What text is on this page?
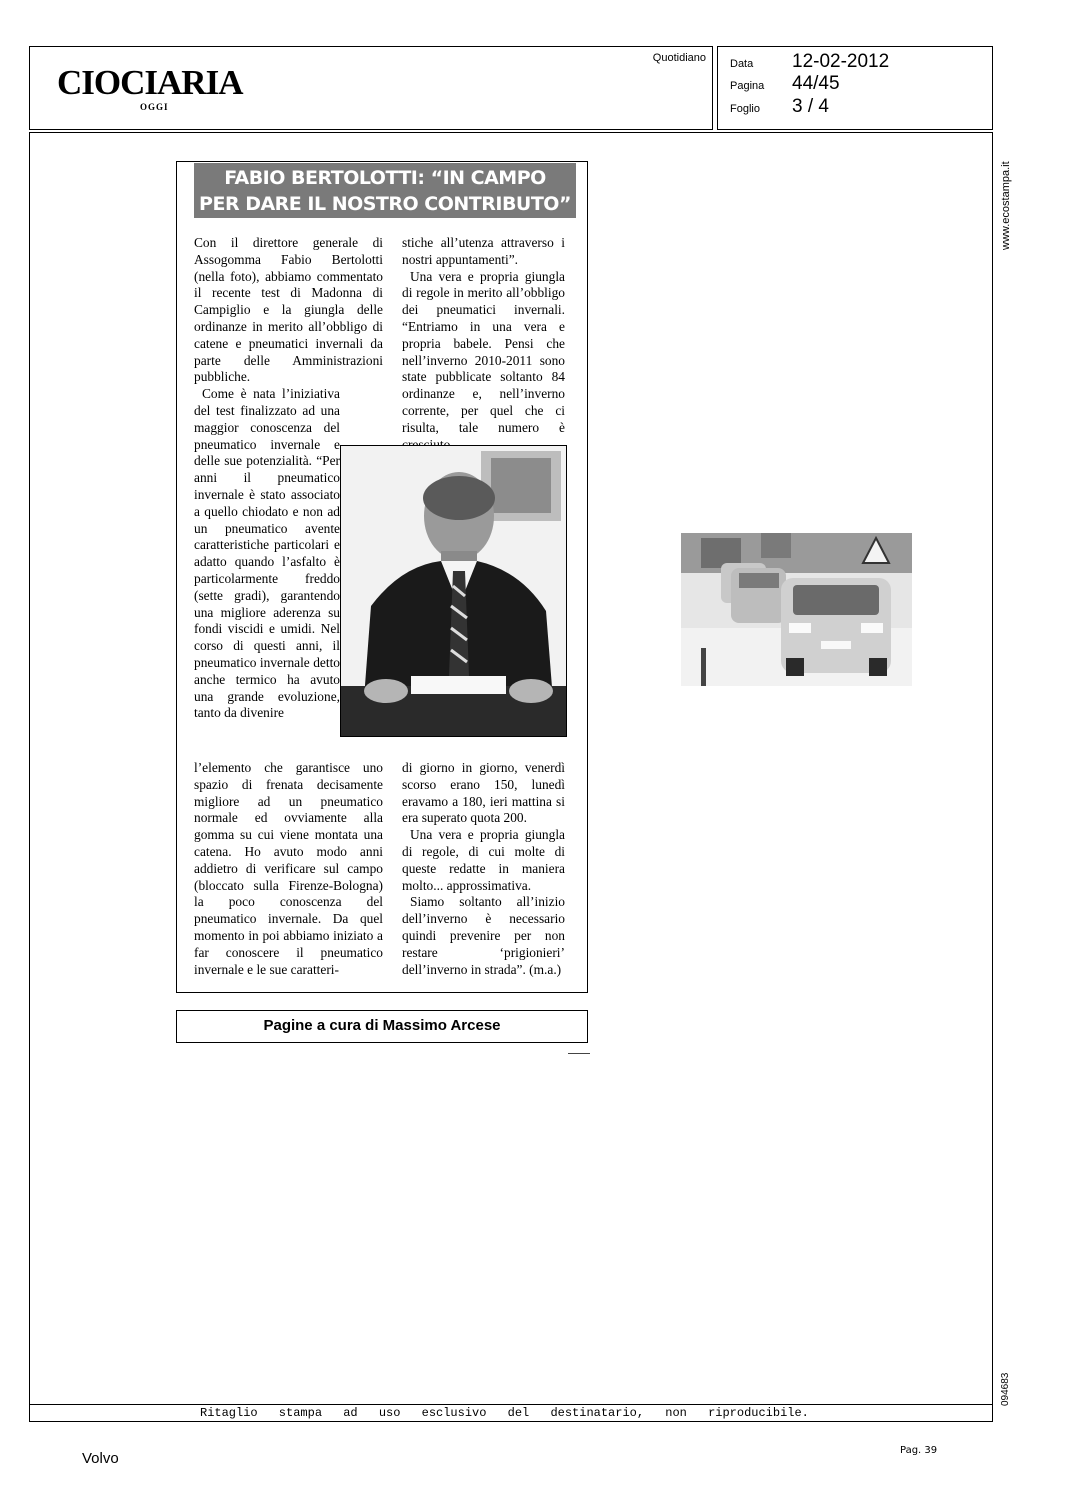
CIOCIARIA
OGGI
Quotidiano Data	12-02-2012
Pagina	44/45
Foglio	3 / 4
Ritaglio stampa ad uso esclusivo del destinatario, non riproducibile.
www.ecostampa.it
094683
FABIO BERTOLOTTI: “IN CAMPO
PER DARE IL NOSTRO CONTRIBUTO”

Con il direttore generale di Assogomma Fabio Bertolotti (nella foto), abbiamo commentato il recente test di Madonna di Campiglio e la giungla delle ordinanze in merito all’obbligo di catene e pneumatici invernali da parte delle Amministrazioni pubbliche.

Come è nata l’iniziativa del test finalizzato ad una maggior conoscenza del pneumatico invernale e delle sue potenzialità. “Per anni il pneumatico invernale è stato associato a quello chiodato e non ad un pneumatico avente caratteristiche particolari e adatto quando l’asfalto è particolarmente freddo (sette gradi), garantendo una migliore aderenza su fondi viscidi e umidi. Nel corso di questi anni, il pneumatico invernale detto anche termico ha avuto una grande evoluzione, tanto da divenire

stiche all’utenza attraverso i nostri appuntamenti”.

Una vera e propria giungla di regole in merito all’obbligo dei pneumatici invernali. “Entriamo in una vera e propria babele. Pensi che nell’inverno 2010-2011 sono state pubblicate soltanto 84 ordinanze e, nell’inverno corrente, per quel che ci risulta, tale numero è

l’elemento che garantisce uno spazio di frenata decisamente migliore ad un pneumatico normale ed ovviamente alla gomma su cui viene montata una catena. Ho avuto modo anni addietro di verificare sul campo (bloccato sulla Firenze-Bologna) la poco conoscenza del pneumatico invernale. Da quel momento in poi abbiamo iniziato a far conoscere il pneumatico invernale e le sue caratteri-

di giorno in giorno, venerdì scorso erano 150, lunedì eravamo a 180, ieri mattina si era superato quota 200.

Una vera e propria giungla di regole, di cui molte di queste redatte in maniera molto... approssimativa.

Siamo soltanto all’inizio dell’inverno è necessario quindi prevenire per non restare ‘prigionieri’ dell’inverno in strada”. (m.a.)

Pagine a cura di Massimo Arcese
Volvo	Pag. 39
